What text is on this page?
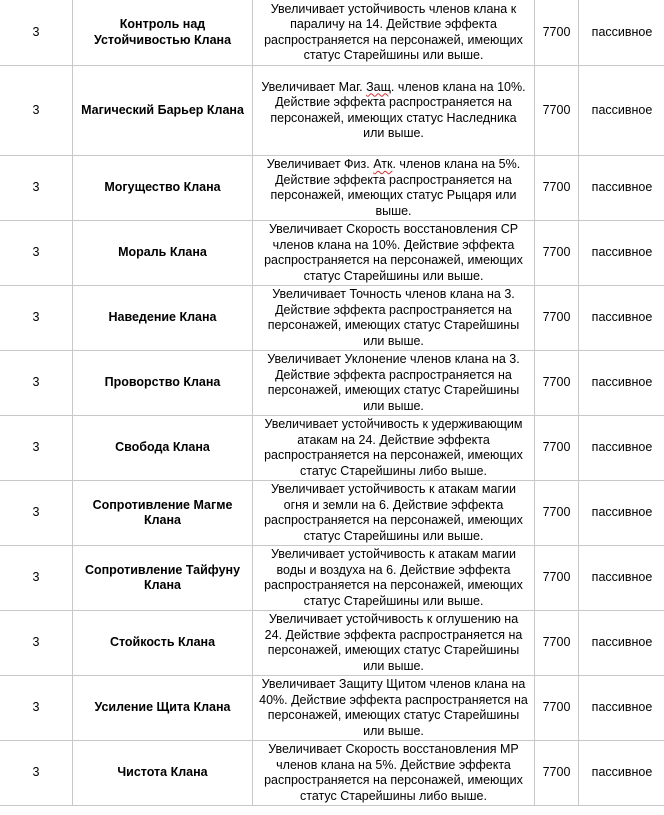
3	Контроль над Устойчивостью Клана	Увеличивает устойчивость членов клана к параличу на 14. Действие эффекта распространяется на персонажей, имеющих статус Старейшины или выше.	7700	пассивное
3	Магический Барьер Клана	Увеличивает Маг. Защ. членов клана на 10%. Действие эффекта распространяется на персонажей, имеющих статус Наследника или выше.	7700	пассивное
3	Могущество Клана	Увеличивает Физ. Атк. членов клана на 5%. Действие эффекта распространяется на персонажей, имеющих статус Рыцаря или выше.	7700	пассивное
3	Мораль Клана	Увеличивает Скорость восстановления CP членов клана на 10%. Действие эффекта распространяется на персонажей, имеющих статус Старейшины или выше.	7700	пассивное
3	Наведение Клана	Увеличивает Точность членов клана на 3. Действие эффекта распространяется на персонажей, имеющих статус Старейшины или выше.	7700	пассивное
3	Проворство Клана	Увеличивает Уклонение членов клана на 3. Действие эффекта распространяется на персонажей, имеющих статус Старейшины или выше.	7700	пассивное
3	Свобода Клана	Увеличивает устойчивость к удерживающим атакам на 24. Действие эффекта распространяется на персонажей, имеющих статус Старейшины либо выше.	7700	пассивное
3	Сопротивление Магме Клана	Увеличивает устойчивость к атакам магии огня и земли на 6. Действие эффекта распространяется на персонажей, имеющих статус Старейшины или выше.	7700	пассивное
3	Сопротивление Тайфуну Клана	Увеличивает устойчивость к атакам магии воды и воздуха на 6. Действие эффекта распространяется на персонажей, имеющих статус Старейшины или выше.	7700	пассивное
3	Стойкость Клана	Увеличивает устойчивость к оглушению на 24. Действие эффекта распространяется на персонажей, имеющих статус Старейшины или выше.	7700	пассивное
3	Усиление Щита Клана	Увеличивает Защиту Щитом членов клана на 40%. Действие эффекта распространяется на персонажей, имеющих статус Старейшины или выше.	7700	пассивное
3	Чистота Клана	Увеличивает Скорость восстановления MP членов клана на 5%. Действие эффекта распространяется на персонажей, имеющих статус Старейшины либо выше.	7700	пассивное
